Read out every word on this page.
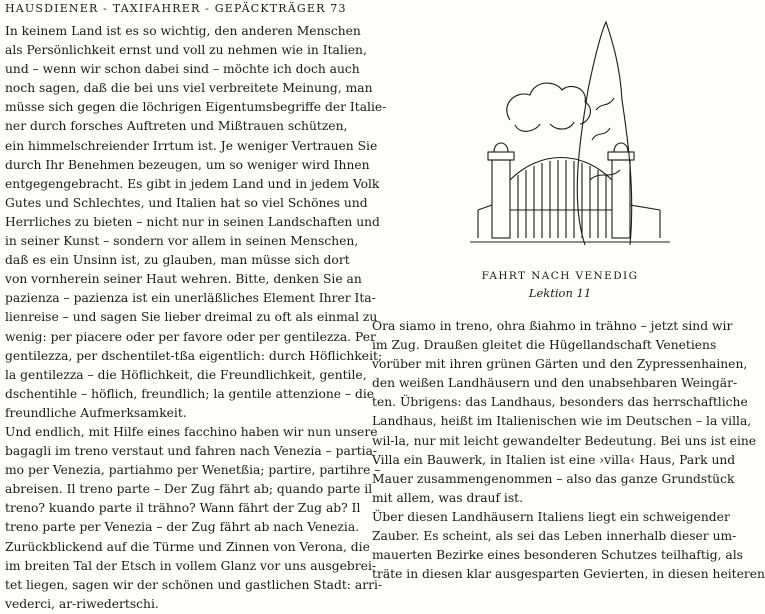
HAUSDIENER - TAXIFAHRER - GEPÄCKTRÄGER 73

In keinem Land ist es so wichtig, den anderen Menschen

als Persönlichkeit ernst und voll zu nehmen wie in Italien,

und – wenn wir schon dabei sind – möchte ich doch auch

noch sagen, daß die bei uns viel verbreitete Meinung, man

müsse sich gegen die löchrigen Eigentumsbegriffe der Italie-

ner durch forsches Auftreten und Mißtrauen schützen,

ein himmelschreiender Irrtum ist. Je weniger Vertrauen Sie

durch Ihr Benehmen bezeugen, um so weniger wird Ihnen

entgegengebracht. Es gibt in jedem Land und in jedem Volk

Gutes und Schlechtes, und Italien hat so viel Schönes und

Herrliches zu bieten – nicht nur in seinen Landschaften und

in seiner Kunst – sondern vor allem in seinen Menschen,

daß es ein Unsinn ist, zu glauben, man müsse sich dort

von vornherein seiner Haut wehren. Bitte, denken Sie an

pazienza – pazienza ist ein unerläßliches Element Ihrer Ita-

lienreise – und sagen Sie lieber dreimal zu oft als einmal zu

wenig: per piacere oder per favore oder per gentilezza. Per

gentilezza, per dschentilet-tßa eigentlich: durch Höflichkeit;

la gentilezza – die Höflichkeit, die Freundlichkeit, gentile,

dschentihle – höflich, freundlich; la gentile attenzione – die

freundliche Aufmerksamkeit.

Und endlich, mit Hilfe eines facchino haben wir nun unsere

bagagli im treno verstaut und fahren nach Venezia – partia-

mo per Venezia, partiahmo per Wenetßia; partire, partihre –

abreisen. Il treno parte – Der Zug fährt ab; quando parte il

treno? kuando parte il trähno? Wann fährt der Zug ab? Il

treno parte per Venezia – der Zug fährt ab nach Venezia.

Zurückblickend auf die Türme und Zinnen von Verona, die

im breiten Tal der Etsch in vollem Glanz vor uns ausgebrei-

tet liegen, sagen wir der schönen und gastlichen Stadt: arri-

vederci, ar-riwedertschi.

FAHRT NACH VENEDIG
Lektion 11

Ora siamo in treno, ohra ßiahmo in trähno – jetzt sind wir

im Zug. Draußen gleitet die Hügellandschaft Venetiens

vorüber mit ihren grünen Gärten und den Zypressenhainen,

den weißen Landhäusern und den unabsehbaren Weingär-

ten. Übrigens: das Landhaus, besonders das herrschaftliche

Landhaus, heißt im Italienischen wie im Deutschen – la villa,

wil-la, nur mit leicht gewandelter Bedeutung. Bei uns ist eine

Villa ein Bauwerk, in Italien ist eine ›villa‹ Haus, Park und

Mauer zusammengenommen – also das ganze Grundstück

mit allem, was drauf ist.

Über diesen Landhäusern Italiens liegt ein schweigender

Zauber. Es scheint, als sei das Leben innerhalb dieser um-

mauerten Bezirke eines besonderen Schutzes teilhaftig, als

träte in diesen klar ausgesparten Gevierten, in diesen heiteren
